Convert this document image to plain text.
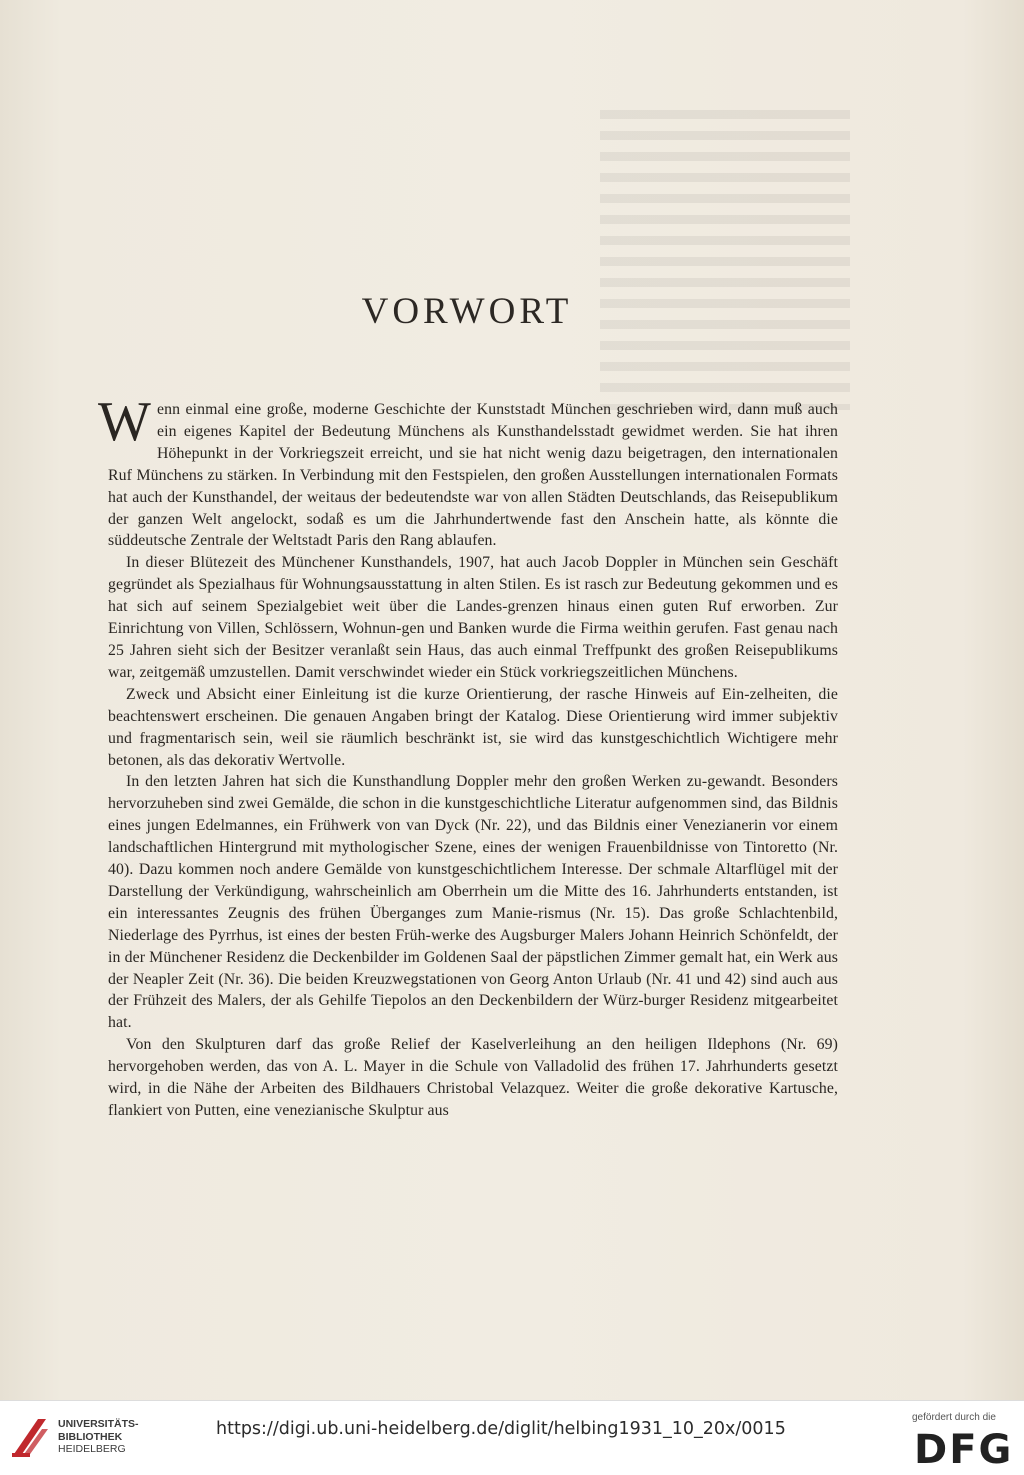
VORWORT

Wenn einmal eine große, moderne Geschichte der Kunststadt München geschrieben wird, dann muß auch ein eigenes Kapitel der Bedeutung Münchens als Kunsthandelsstadt gewidmet werden. Sie hat ihren Höhepunkt in der Vorkriegszeit erreicht, und sie hat nicht wenig dazu beigetragen, den internationalen Ruf Münchens zu stärken. In Verbindung mit den Festspielen, den großen Ausstellungen internationalen Formats hat auch der Kunsthandel, der weitaus der bedeutendste war von allen Städten Deutschlands, das Reisepublikum der ganzen Welt angelockt, sodaß es um die Jahrhundertwende fast den Anschein hatte, als könnte die süddeutsche Zentrale der Weltstadt Paris den Rang ablaufen.

In dieser Blütezeit des Münchener Kunsthandels, 1907, hat auch Jacob Doppler in München sein Geschäft gegründet als Spezialhaus für Wohnungsausstattung in alten Stilen. Es ist rasch zur Bedeutung gekommen und es hat sich auf seinem Spezialgebiet weit über die Landes-grenzen hinaus einen guten Ruf erworben. Zur Einrichtung von Villen, Schlössern, Wohnun-gen und Banken wurde die Firma weithin gerufen. Fast genau nach 25 Jahren sieht sich der Besitzer veranlaßt sein Haus, das auch einmal Treffpunkt des großen Reisepublikums war, zeitgemäß umzustellen. Damit verschwindet wieder ein Stück vorkriegszeitlichen Münchens.

Zweck und Absicht einer Einleitung ist die kurze Orientierung, der rasche Hinweis auf Ein-zelheiten, die beachtenswert erscheinen. Die genauen Angaben bringt der Katalog. Diese Orientierung wird immer subjektiv und fragmentarisch sein, weil sie räumlich beschränkt ist, sie wird das kunstgeschichtlich Wichtigere mehr betonen, als das dekorativ Wertvolle.

In den letzten Jahren hat sich die Kunsthandlung Doppler mehr den großen Werken zu-gewandt. Besonders hervorzuheben sind zwei Gemälde, die schon in die kunstgeschichtliche Literatur aufgenommen sind, das Bildnis eines jungen Edelmannes, ein Frühwerk von van Dyck (Nr. 22), und das Bildnis einer Venezianerin vor einem landschaftlichen Hintergrund mit mythologischer Szene, eines der wenigen Frauenbildnisse von Tintoretto (Nr. 40). Dazu kommen noch andere Gemälde von kunstgeschichtlichem Interesse. Der schmale Altarflügel mit der Darstellung der Verkündigung, wahrscheinlich am Oberrhein um die Mitte des 16. Jahrhunderts entstanden, ist ein interessantes Zeugnis des frühen Überganges zum Manie-rismus (Nr. 15). Das große Schlachtenbild, Niederlage des Pyrrhus, ist eines der besten Früh-werke des Augsburger Malers Johann Heinrich Schönfeldt, der in der Münchener Residenz die Deckenbilder im Goldenen Saal der päpstlichen Zimmer gemalt hat, ein Werk aus der Neapler Zeit (Nr. 36). Die beiden Kreuzwegstationen von Georg Anton Urlaub (Nr. 41 und 42) sind auch aus der Frühzeit des Malers, der als Gehilfe Tiepolos an den Deckenbildern der Würz-burger Residenz mitgearbeitet hat.

Von den Skulpturen darf das große Relief der Kaselverleihung an den heiligen Ildephons (Nr. 69) hervorgehoben werden, das von A. L. Mayer in die Schule von Valladolid des frühen 17. Jahrhunderts gesetzt wird, in die Nähe der Arbeiten des Bildhauers Christobal Velazquez. Weiter die große dekorative Kartusche, flankiert von Putten, eine venezianische Skulptur aus

UNIVERSITÄTS-
BIBLIOTHEK
HEIDELBERG
https://digi.ub.uni-heidelberg.de/diglit/helbing1931_10_20x/0015
gefördert durch die
DFG
